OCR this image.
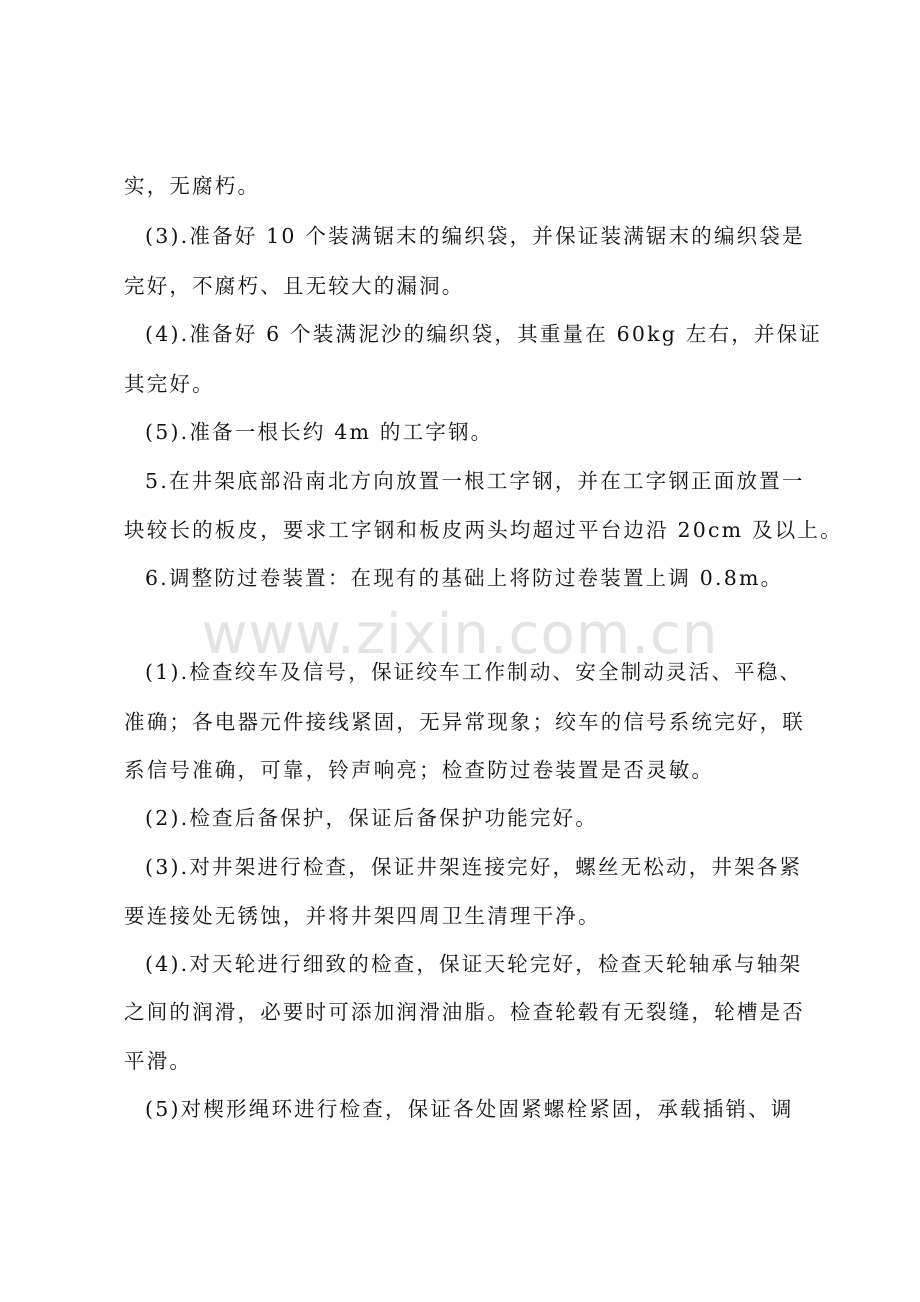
www.zixin.com.cn
实，无腐朽。
(3).准备好 10 个装满锯末的编织袋，并保证装满锯末的编织袋是
完好，不腐朽、且无较大的漏洞。
(4).准备好 6 个装满泥沙的编织袋，其重量在 60kg 左右，并保证
其完好。
(5).准备一根长约 4m 的工字钢。
5.在井架底部沿南北方向放置一根工字钢，并在工字钢正面放置一
块较长的板皮，要求工字钢和板皮两头均超过平台边沿 20cm 及以上。
6.调整防过卷装置：在现有的基础上将防过卷装置上调 0.8m。
(1).检查绞车及信号，保证绞车工作制动、安全制动灵活、平稳、
准确；各电器元件接线紧固，无异常现象；绞车的信号系统完好，联
系信号准确，可靠，铃声响亮；检查防过卷装置是否灵敏。
(2).检查后备保护，保证后备保护功能完好。
(3).对井架进行检查，保证井架连接完好，螺丝无松动，井架各紧
要连接处无锈蚀，并将井架四周卫生清理干净。
(4).对天轮进行细致的检查，保证天轮完好，检查天轮轴承与轴架
之间的润滑，必要时可添加润滑油脂。检查轮毂有无裂缝，轮槽是否
平滑。
(5)对楔形绳环进行检查，保证各处固紧螺栓紧固，承载插销、调
